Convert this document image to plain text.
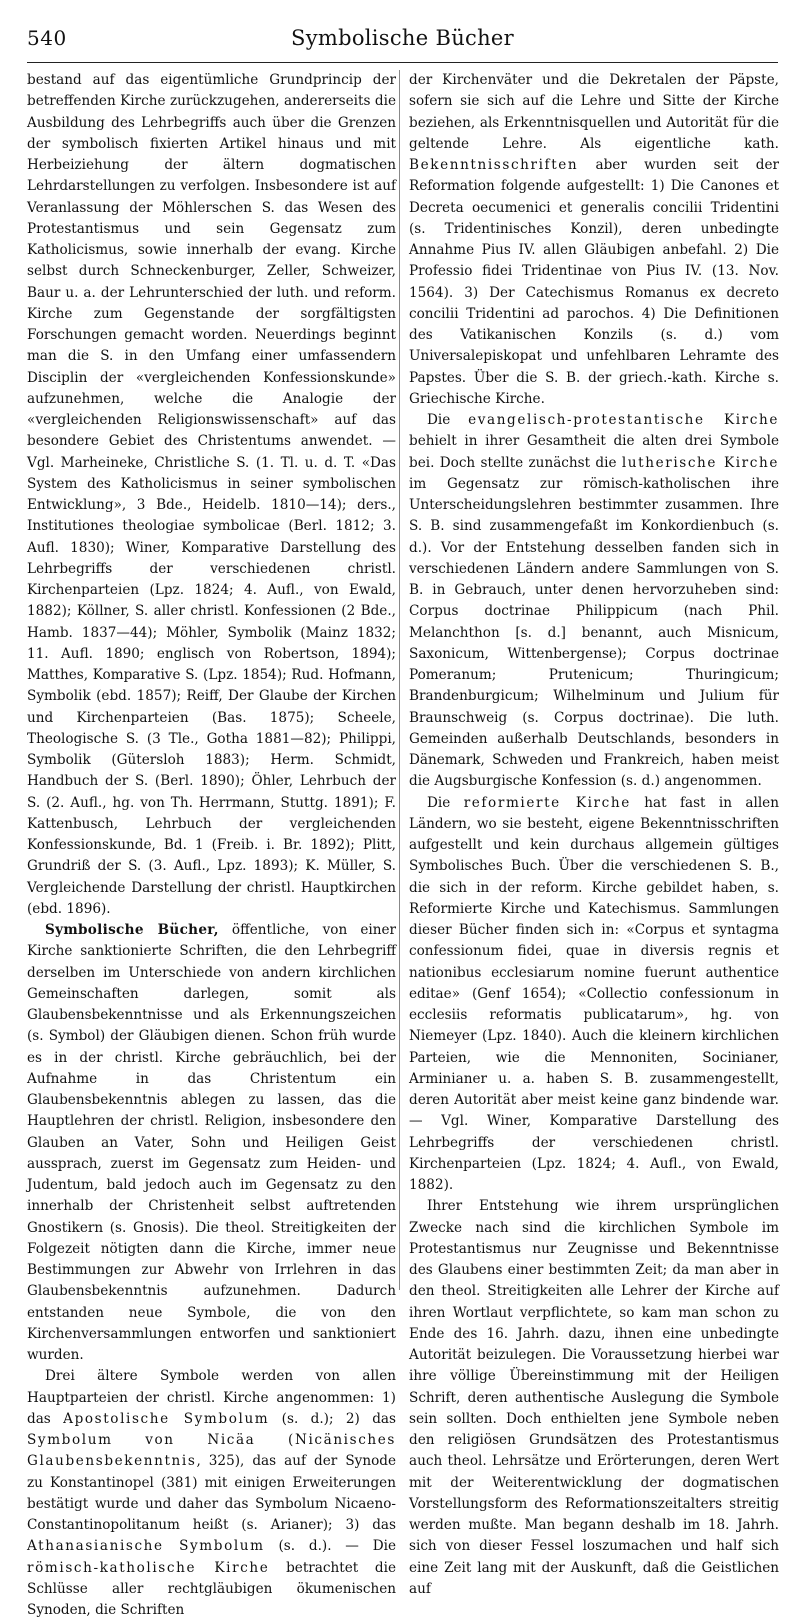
540	Symbolische Bücher

bestand auf das eigentümliche Grundprincip der betreffenden Kirche zurückzugehen, andererseits die Ausbildung des Lehrbegriffs auch über die Grenzen der symbolisch fixierten Artikel hinaus und mit Herbeiziehung der ältern dogmatischen Lehrdarstellungen zu verfolgen. Insbesondere ist auf Veranlassung der Möhlerschen S. das Wesen des Protestantismus und sein Gegensatz zum Katholicismus, sowie innerhalb der evang. Kirche selbst durch Schneckenburger, Zeller, Schweizer, Baur u. a. der Lehrunterschied der luth. und reform. Kirche zum Gegenstande der sorgfältigsten Forschungen gemacht worden. Neuerdings beginnt man die S. in den Umfang einer umfassendern Disciplin der «vergleichenden Konfessionskunde» aufzunehmen, welche die Analogie der «vergleichenden Religionswissenschaft» auf das besondere Gebiet des Christentums anwendet. — Vgl. Marheineke, Christliche S. (1. Tl. u. d. T. «Das System des Katholicismus in seiner symbolischen Entwicklung», 3 Bde., Heidelb. 1810—14); ders., Institutiones theologiae symbolicae (Berl. 1812; 3. Aufl. 1830); Winer, Komparative Darstellung des Lehrbegriffs der verschiedenen christl. Kirchenparteien (Lpz. 1824; 4. Aufl., von Ewald, 1882); Köllner, S. aller christl. Konfessionen (2 Bde., Hamb. 1837—44); Möhler, Symbolik (Mainz 1832; 11. Aufl. 1890; englisch von Robertson, 1894); Matthes, Komparative S. (Lpz. 1854); Rud. Hofmann, Symbolik (ebd. 1857); Reiff, Der Glaube der Kirchen und Kirchenparteien (Bas. 1875); Scheele, Theologische S. (3 Tle., Gotha 1881—82); Philippi, Symbolik (Gütersloh 1883); Herm. Schmidt, Handbuch der S. (Berl. 1890); Öhler, Lehrbuch der S. (2. Aufl., hg. von Th. Herrmann, Stuttg. 1891); F. Kattenbusch, Lehrbuch der vergleichenden Konfessionskunde, Bd. 1 (Freib. i. Br. 1892); Plitt, Grundriß der S. (3. Aufl., Lpz. 1893); K. Müller, S. Vergleichende Darstellung der christl. Hauptkirchen (ebd. 1896).

Symbolische Bücher, öffentliche, von einer Kirche sanktionierte Schriften, die den Lehrbegriff derselben im Unterschiede von andern kirchlichen Gemeinschaften darlegen, somit als Glaubensbekenntnisse und als Erkennungszeichen (s. Symbol) der Gläubigen dienen. Schon früh wurde es in der christl. Kirche gebräuchlich, bei der Aufnahme in das Christentum ein Glaubensbekenntnis ablegen zu lassen, das die Hauptlehren der christl. Religion, insbesondere den Glauben an Vater, Sohn und Heiligen Geist aussprach, zuerst im Gegensatz zum Heiden- und Judentum, bald jedoch auch im Gegensatz zu den innerhalb der Christenheit selbst auftretenden Gnostikern (s. Gnosis). Die theol. Streitigkeiten der Folgezeit nötigten dann die Kirche, immer neue Bestimmungen zur Abwehr von Irrlehren in das Glaubensbekenntnis aufzunehmen. Dadurch entstanden neue Symbole, die von den Kirchenversammlungen entworfen und sanktioniert wurden.

Drei ältere Symbole werden von allen Hauptparteien der christl. Kirche angenommen: 1) das Apostolische Symbolum (s. d.); 2) das Symbolum von Nicäa (Nicänisches Glaubensbekenntnis, 325), das auf der Synode zu Konstantinopel (381) mit einigen Erweiterungen bestätigt wurde und daher das Symbolum Nicaeno-Constantinopolitanum heißt (s. Arianer); 3) das Athanasianische Symbolum (s. d.). — Die römisch-katholische Kirche betrachtet die Schlüsse aller rechtgläubigen ökumenischen Synoden, die Schriften

der Kirchenväter und die Dekretalen der Päpste, sofern sie sich auf die Lehre und Sitte der Kirche beziehen, als Erkenntnisquellen und Autorität für die geltende Lehre. Als eigentliche kath. Bekenntnisschriften aber wurden seit der Reformation folgende aufgestellt: 1) Die Canones et Decreta oecumenici et generalis concilii Tridentini (s. Tridentinisches Konzil), deren unbedingte Annahme Pius IV. allen Gläubigen anbefahl. 2) Die Professio fidei Tridentinae von Pius IV. (13. Nov. 1564). 3) Der Catechismus Romanus ex decreto concilii Tridentini ad parochos. 4) Die Definitionen des Vatikanischen Konzils (s. d.) vom Universalepiskopat und unfehlbaren Lehramte des Papstes. Über die S. B. der griech.-kath. Kirche s. Griechische Kirche.

Die evangelisch-protestantische Kirche behielt in ihrer Gesamtheit die alten drei Symbole bei. Doch stellte zunächst die lutherische Kirche im Gegensatz zur römisch-katholischen ihre Unterscheidungslehren bestimmter zusammen. Ihre S. B. sind zusammengefaßt im Konkordienbuch (s. d.). Vor der Entstehung desselben fanden sich in verschiedenen Ländern andere Sammlungen von S. B. in Gebrauch, unter denen hervorzuheben sind: Corpus doctrinae Philippicum (nach Phil. Melanchthon [s. d.] benannt, auch Misnicum, Saxonicum, Wittenbergense); Corpus doctrinae Pomeranum; Prutenicum; Thuringicum; Brandenburgicum; Wilhelminum und Julium für Braunschweig (s. Corpus doctrinae). Die luth. Gemeinden außerhalb Deutschlands, besonders in Dänemark, Schweden und Frankreich, haben meist die Augsburgische Konfession (s. d.) angenommen.

Die reformierte Kirche hat fast in allen Ländern, wo sie besteht, eigene Bekenntnisschriften aufgestellt und kein durchaus allgemein gültiges Symbolisches Buch. Über die verschiedenen S. B., die sich in der reform. Kirche gebildet haben, s. Reformierte Kirche und Katechismus. Sammlungen dieser Bücher finden sich in: «Corpus et syntagma confessionum fidei, quae in diversis regnis et nationibus ecclesiarum nomine fuerunt authentice editae» (Genf 1654); «Collectio confessionum in ecclesiis reformatis publicatarum», hg. von Niemeyer (Lpz. 1840). Auch die kleinern kirchlichen Parteien, wie die Mennoniten, Socinianer, Arminianer u. a. haben S. B. zusammengestellt, deren Autorität aber meist keine ganz bindende war. — Vgl. Winer, Komparative Darstellung des Lehrbegriffs der verschiedenen christl. Kirchenparteien (Lpz. 1824; 4. Aufl., von Ewald, 1882).

Ihrer Entstehung wie ihrem ursprünglichen Zwecke nach sind die kirchlichen Symbole im Protestantismus nur Zeugnisse und Bekenntnisse des Glaubens einer bestimmten Zeit; da man aber in den theol. Streitigkeiten alle Lehrer der Kirche auf ihren Wortlaut verpflichtete, so kam man schon zu Ende des 16. Jahrh. dazu, ihnen eine unbedingte Autorität beizulegen. Die Voraussetzung hierbei war ihre völlige Übereinstimmung mit der Heiligen Schrift, deren authentische Auslegung die Symbole sein sollten. Doch enthielten jene Symbole neben den religiösen Grundsätzen des Protestantismus auch theol. Lehrsätze und Erörterungen, deren Wert mit der Weiterentwicklung der dogmatischen Vorstellungsform des Reformationszeitalters streitig werden mußte. Man begann deshalb im 18. Jahrh. sich von dieser Fessel loszumachen und half sich eine Zeit lang mit der Auskunft, daß die Geistlichen auf
